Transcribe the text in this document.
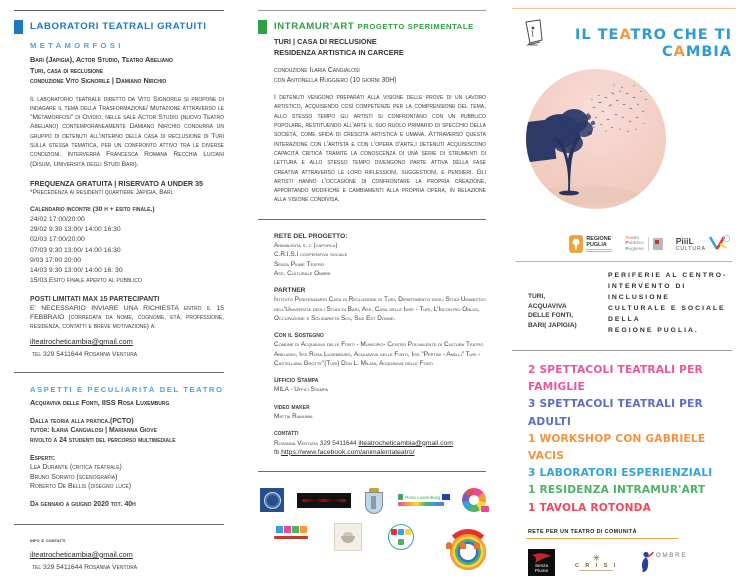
LABORATORI TEATRALI GRATUITI
METAMORFOSI
Bari (Japigia), Actor Studio, Teatro Abeliano
Turi, casa di reclusione
conduzione Vito Signorile | Damiano Nirchio

Il laboratorio teatrale diretto da Vito Signorile si propone di indagare il tema della Trasformazione/ Mutazione attraverso le "Metamorfosi" di Ovidio, nelle sale Actor Studio (nuovo Teatro Abeliano) contemporaneamente Damiano Nirchio condurrà un gruppo di detenuti all'interno della casa di reclusione di Turi sulla stessa tematica, per un confronto attivo tra le diverse condizioni. Interverrà Francesca Romana Recchia Luciani (Disum, Università degli Studi Bari).

FREQUENZA GRATUITA | RISERVATO A UNDER 35
*Precedenza ai residenti quartiere Japigia, Bari.
Calendario incontri (30 h + esito finale.)
24/02 17:00/20:00
29/02 9:30 13:00/ 14:00 16:30
02/03 17:00/20:00
07/03 9:30 13:00/ 14:00 16:30
9/03 17:00 20:00
14/03 9:30 13:00/ 14:00 16: 30
15/03 Esito finale aperto al pubblico
POSTI LIMITATI MAX 15 PARTECIPANTI

E' NECESSARIO INVIARE UNA RICHIESTA entro il 15 FEBBRAIO (corredata da nome, cognome, età, professione, residenza, contatti e breve motivazione) a:

ilteatrocheticambia@gmail.com
tel 329 5411644 Rosanna Ventura
ASPETTI E PECULIARITÀ DEL TEATRO
Acquaviva delle Fonti, IISS Rosa Luxemburg
Dalla teoria alla pratica.(PCTO)
tutor: Ilaria Cangialosi | Marianna Giove
rivolto a 24 studenti del percorso multimediale
Esperti:
Lea Durante (critica teatrale)
Bruno Soriato (scenografia)
Roberto De Bellis (disegno luce)
Da gennaio a giugno 2020 tot. 40h
info e contatti
ilteatrocheticambia@gmail.com
tel 329 5411644 Rosanna Ventura
INTRAMUR'ART PROGETTO SPERIMENTALE
TURI | CASA DI RECLUSIONE
RESIDENZA ARTISTICA IN CARCERE
conduzione Ilaria Cangialosi
con Antonella Ruggiero (10 giorni 30H)

I detenuti vengono preparati alla visione delle prove di un lavoro artistico, acquisendo così competenze per la comprensione del tema, allo stesso tempo gli artisti si confrontano con un pubblico popolare, restituendo all'arte il suo ruolo primario di specchio della società, come sfida di crescita artistica e umana. Attraverso questa interazione con l'artista e con l'opera d'arte,i detenuti acquisiscono capacità critica tramite la conoscenza di una serie di strumenti di lettura e allo stesso tempo divengono parte attiva della fase creativa attraverso le loro riflessioni, suggestioni, e pensieri. Gli artisti hanno l'occasione di confrontare la propria creazione, apportando modifiche e cambiamenti alla propria opera, in relazione alla visione condivisa.

RETE DEL PROGETTO:
Animalenta s. c (capofila)
C.R.I.S.I cooperativa sociale
Senza Piume Teatro
Ass. Culturale Ombre
PARTNER
Istituto Penitenziario Casa di Reclusione di Turi, Dipartimento degli Studi Umanistici dell'Università degli Studi di Bari, Ass. Casa delle Idee - Turi, L'Incontro Onlus, Occupazione e Solidarietà Scs, Sud Est Donne.
Con il Sostegno
Comune di Acquaviva delle Fonti - Municipio- Centro Polivalente di Cultura Teatro Abeliano, Iiss Rosa Luxemburg, Acquaviva delle Fonti, Iiss "Pertini - Anelli" Turi - Castellana Grotte"(Turi) Don L. Milani, Acquaviva delle Fonti
Ufficio Stampa
MILA - Uffici Stampa
video maker
Mattia Ramunni
contatti
Rosanna Ventura 329 5411644 ilteatrocheticambia@gmail.com
fb https://www.facebook.com/animalentateatro/
Rosa Luxemburg
IL TEATRO CHE TI
CAMBIA
REGIONE
PUGLIA
Teatro
Pubblico
Pugliese
PiiiL
CULTURA
TURI,
ACQUAVIVA
DELLE FONTI,
BARI( JAPIGIA)
PERIFERIE AL CENTRO-
INTERVENTO DI INCLUSIONE
CULTURALE E SOCIALE DELLA
REGIONE PUGLIA.
2 SPETTACOLI TEATRALI PER FAMIGLIE
3 SPETTACOLI TEATRALI PER ADULTI
1 WORKSHOP CON GABRIELE VACIS
3 LABORATORI ESPERIENZIALI
1 RESIDENZA INTRAMUR'ART
1 TAVOLA ROTONDA
RETE PER UN TEATRO DI COMUNITÀ
Senza
Piume
✳
C R I S I
OMBRE
